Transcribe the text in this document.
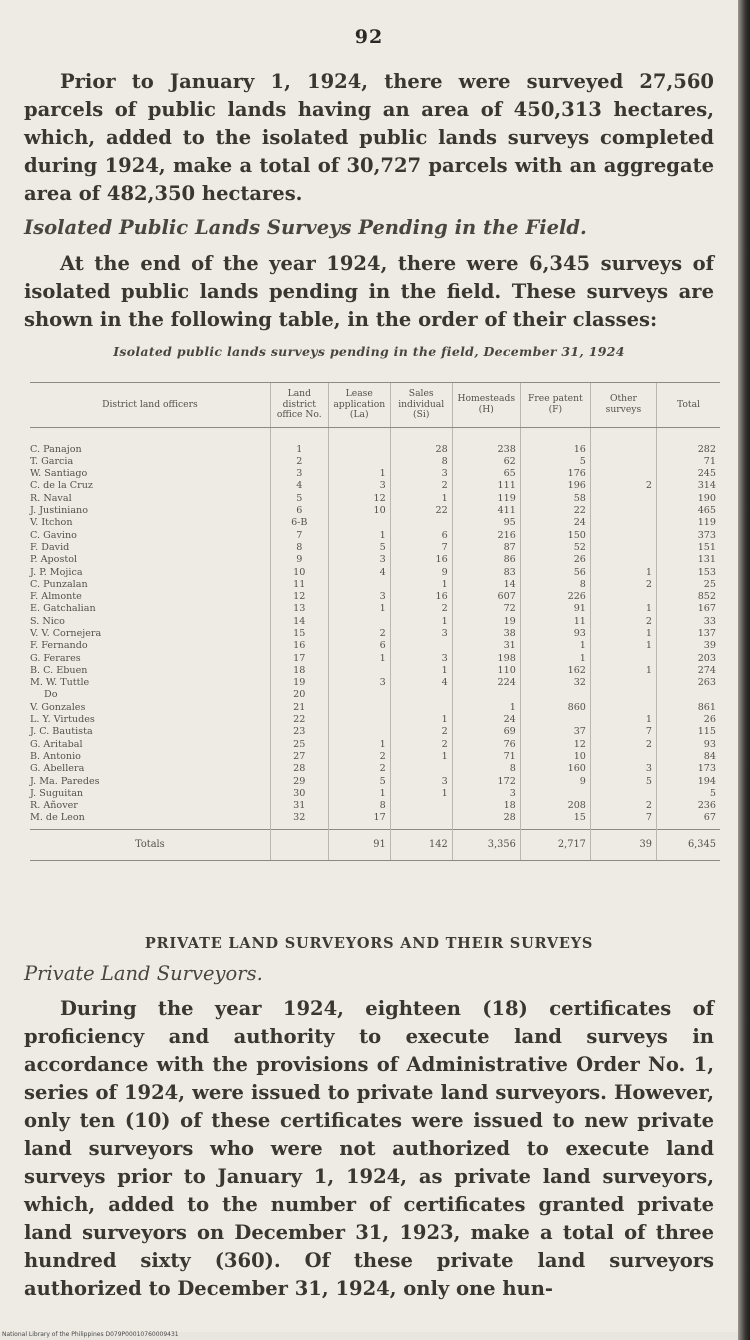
92

Prior to January 1, 1924, there were surveyed 27,560 parcels of public lands having an area of 450,313 hectares, which, added to the isolated public lands surveys completed during 1924, make a total of 30,727 parcels with an aggregate area of 482,350 hectares.

Isolated Public Lands Surveys Pending in the Field.

At the end of the year 1924, there were 6,345 surveys of isolated public lands pending in the field. These surveys are shown in the following table, in the order of their classes:

Isolated public lands surveys pending in the field, December 31, 1924
District land officers	Land district office No.	Lease application (La)	Sales individual (Si)	Homesteads (H)	Free patent (F)	Other surveys	Total

C. Panajon	1		28	238	16		282
T. Garcia	2		8	62	5		71
W. Santiago	3	1	3	65	176		245
C. de la Cruz	4	3	2	111	196	2	314
R. Naval	5	12	1	119	58		190
J. Justiniano	6	10	22	411	22		465
V. Itchon	6-B			95	24		119
C. Gavino	7	1	6	216	150		373
F. David	8	5	7	87	52		151
P. Apostol	9	3	16	86	26		131
J. P. Mojica	10	4	9	83	56	1	153
C. Punzalan	11		1	14	8	2	25
F. Almonte	12	3	16	607	226		852
E. Gatchalian	13	1	2	72	91	1	167
S. Nico	14		1	19	11	2	33
V. V. Cornejera	15	2	3	38	93	1	137
F. Fernando	16	6		31	1	1	39
G. Ferares	17	1	3	198	1		203
B. C. Ebuen	18		1	110	162	1	274
M. W. Tuttle	19	3	4	224	32		263
Do	20						
V. Gonzales	21			1	860		861
L. Y. Virtudes	22		1	24		1	26
J. C. Bautista	23		2	69	37	7	115
G. Aritabal	25	1	2	76	12	2	93
B. Antonio	27	2	1	71	10		84
G. Abellera	28	2		8	160	3	173
J. Ma. Paredes	29	5	3	172	9	5	194
J. Suguitan	30	1	1	3			5
R. Añover	31	8		18	208	2	236
M. de Leon	32	17		28	15	7	67
Totals		91	142	3,356	2,717	39	6,345
PRIVATE LAND SURVEYORS AND THEIR SURVEYS
Private Land Surveyors.

During the year 1924, eighteen (18) certificates of proficiency and authority to execute land surveys in accordance with the provisions of Administrative Order No. 1, series of 1924, were issued to private land surveyors. However, only ten (10) of these certificates were issued to new private land surveyors who were not authorized to execute land surveys prior to January 1, 1924, as private land surveyors, which, added to the number of certificates granted private land surveyors on December 31, 1923, make a total of three hundred sixty (360). Of these private land surveyors authorized to December 31, 1924, only one hun-

National Library of the Philippines D079P00010760009431
